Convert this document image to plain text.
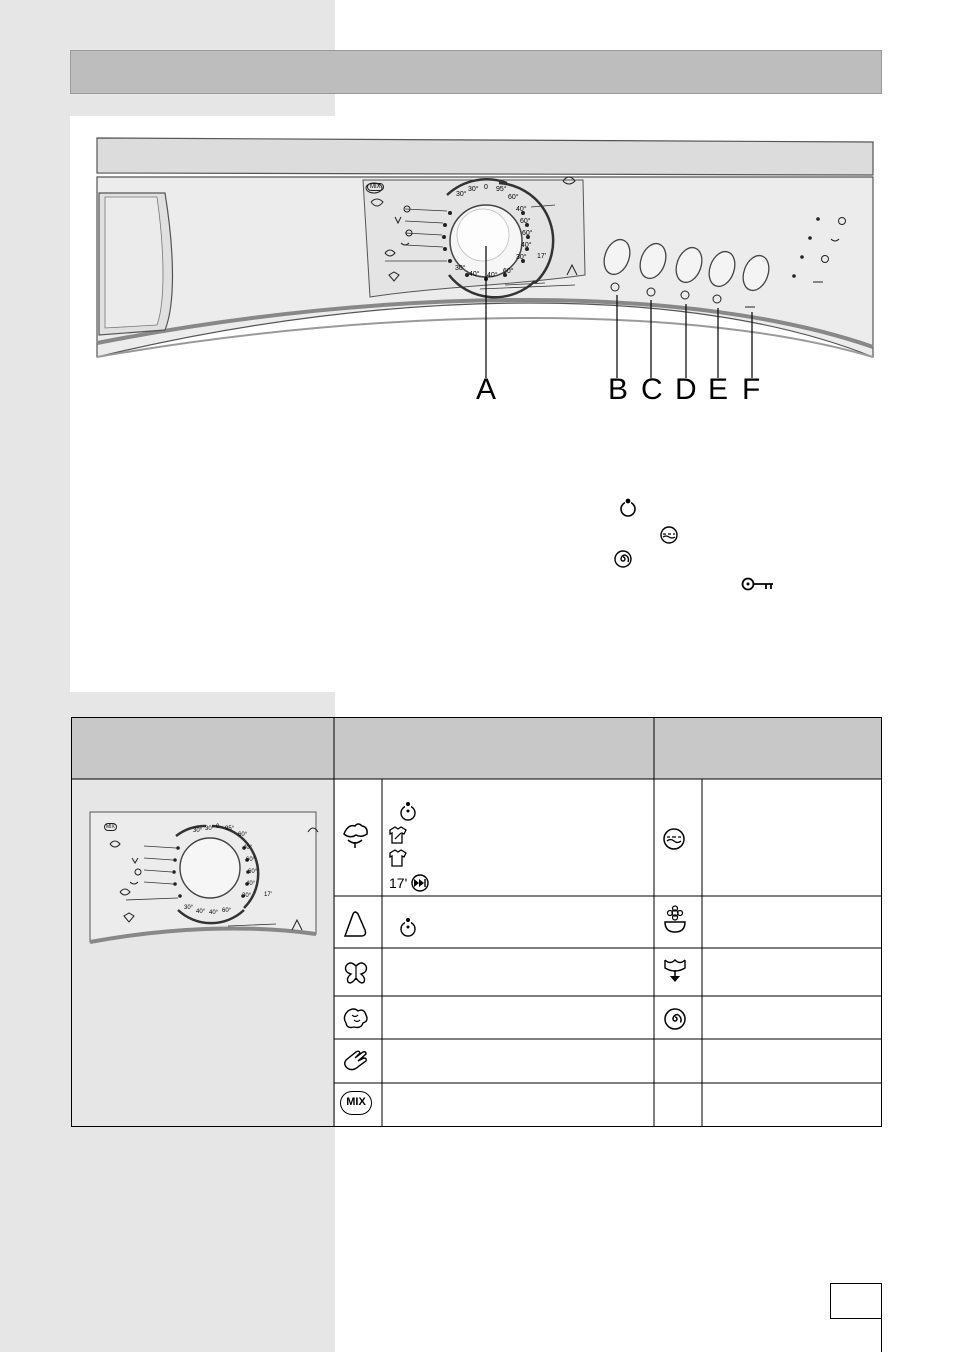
30°
30° 0 95°
60°
40°
60°
60°
40°
30°
30°
40° 40°
60°
MIX
17'
A	B C D E F
MIX
30° 30° 0 95°
60°
40°
60°
60°
40°
30°
30°
40° 40° 60°
17'
MIX
17'
